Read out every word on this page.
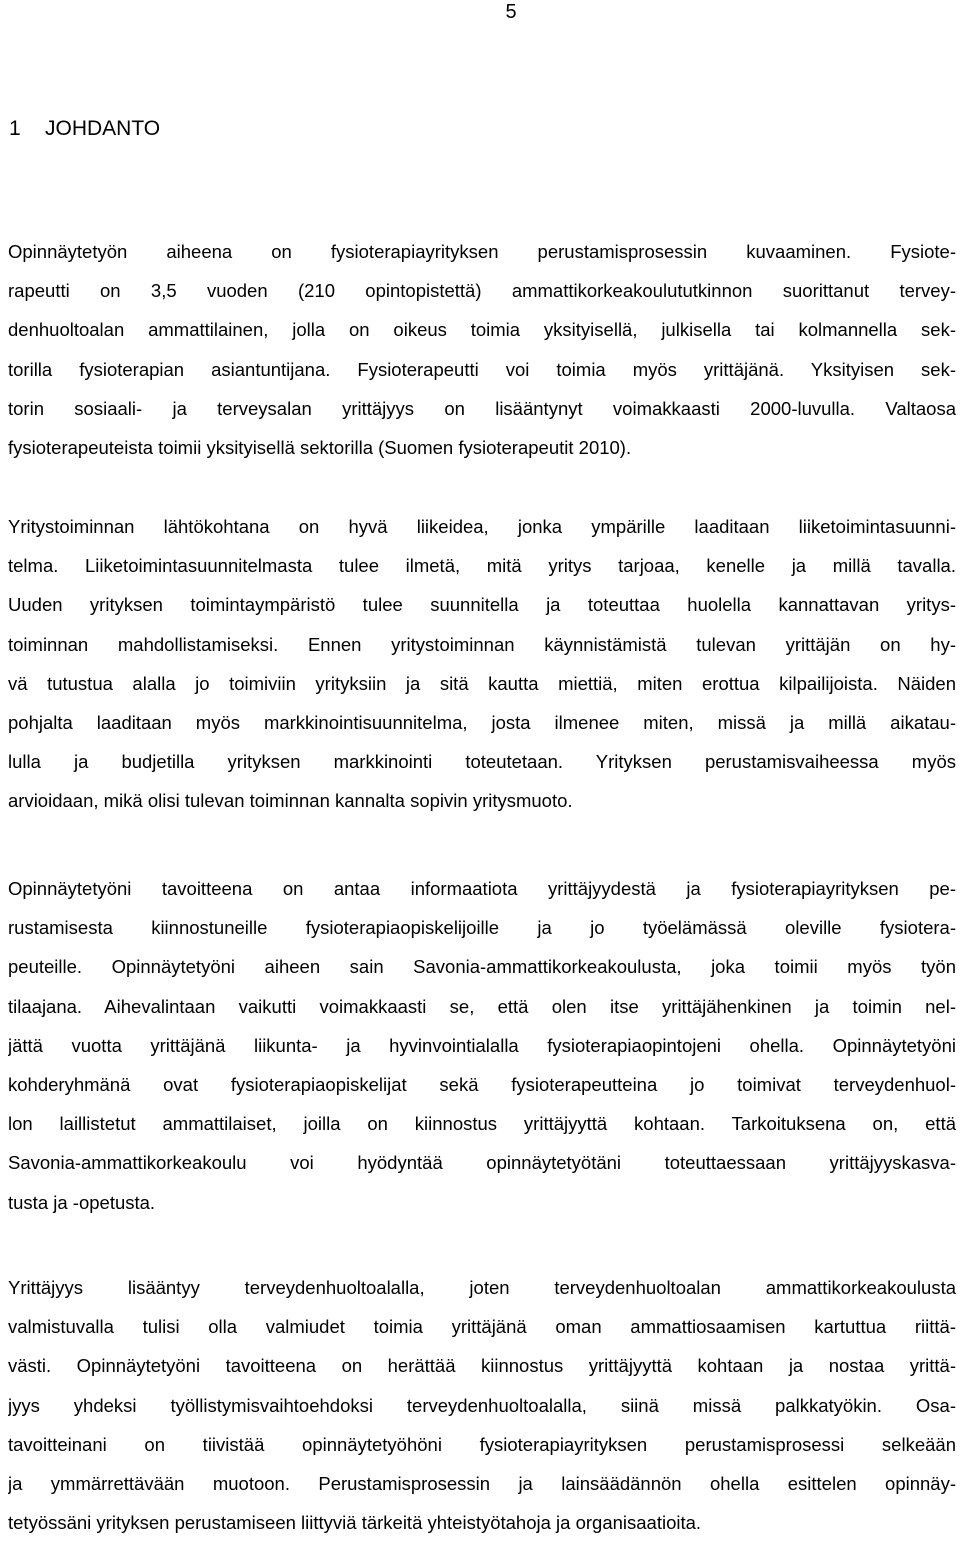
5
1 JOHDANTO
Opinnäytetyön aiheena on fysioterapiayrityksen perustamisprosessin kuvaaminen. Fysiote-
rapeutti on 3,5 vuoden (210 opintopistettä) ammattikorkeakoulututkinnon suorittanut tervey-
denhuoltoalan ammattilainen, jolla on oikeus toimia yksityisellä, julkisella tai kolmannella sek-
torilla fysioterapian asiantuntijana. Fysioterapeutti voi toimia myös yrittäjänä. Yksityisen sek-
torin sosiaali- ja terveysalan yrittäjyys on lisääntynyt voimakkaasti 2000-luvulla. Valtaosa
fysioterapeuteista toimii yksityisellä sektorilla (Suomen fysioterapeutit 2010).
Yritystoiminnan lähtökohtana on hyvä liikeidea, jonka ympärille laaditaan liiketoimintasuunni-
telma. Liiketoimintasuunnitelmasta tulee ilmetä, mitä yritys tarjoaa, kenelle ja millä tavalla.
Uuden yrityksen toimintaympäristö tulee suunnitella ja toteuttaa huolella kannattavan yritys-
toiminnan mahdollistamiseksi. Ennen yritystoiminnan käynnistämistä tulevan yrittäjän on hy-
vä tutustua alalla jo toimiviin yrityksiin ja sitä kautta miettiä, miten erottua kilpailijoista. Näiden
pohjalta laaditaan myös markkinointisuunnitelma, josta ilmenee miten, missä ja millä aikatau-
lulla ja budjetilla yrityksen markkinointi toteutetaan. Yrityksen perustamisvaiheessa myös
arvioidaan, mikä olisi tulevan toiminnan kannalta sopivin yritysmuoto.
Opinnäytetyöni tavoitteena on antaa informaatiota yrittäjyydestä ja fysioterapiayrityksen pe-
rustamisesta kiinnostuneille fysioterapiaopiskelijoille ja jo työelämässä oleville fysiotera-
peuteille. Opinnäytetyöni aiheen sain Savonia-ammattikorkeakoulusta, joka toimii myös työn
tilaajana. Aihevalintaan vaikutti voimakkaasti se, että olen itse yrittäjähenkinen ja toimin nel-
jättä vuotta yrittäjänä liikunta- ja hyvinvointialalla fysioterapiaopintojeni ohella. Opinnäytetyöni
kohderyhmänä ovat fysioterapiaopiskelijat sekä fysioterapeutteina jo toimivat terveydenhuol-
lon laillistetut ammattilaiset, joilla on kiinnostus yrittäjyyttä kohtaan. Tarkoituksena on, että
Savonia-ammattikorkeakoulu voi hyödyntää opinnäytetyötäni toteuttaessaan yrittäjyyskasva-
tusta ja -opetusta.
Yrittäjyys lisääntyy terveydenhuoltoalalla, joten terveydenhuoltoalan ammattikorkeakoulusta
valmistuvalla tulisi olla valmiudet toimia yrittäjänä oman ammattiosaamisen kartuttua riittä-
västi. Opinnäytetyöni tavoitteena on herättää kiinnostus yrittäjyyttä kohtaan ja nostaa yrittä-
jyys yhdeksi työllistymisvaihtoehdoksi terveydenhuoltoalalla, siinä missä palkkatyökin. Osa-
tavoitteinani on tiivistää opinnäytetyöhöni fysioterapiayrityksen perustamisprosessi selkeään
ja ymmärrettävään muotoon. Perustamisprosessin ja lainsäädännön ohella esittelen opinnäy-
tetyössäni yrityksen perustamiseen liittyviä tärkeitä yhteistyötahoja ja organisaatioita.
